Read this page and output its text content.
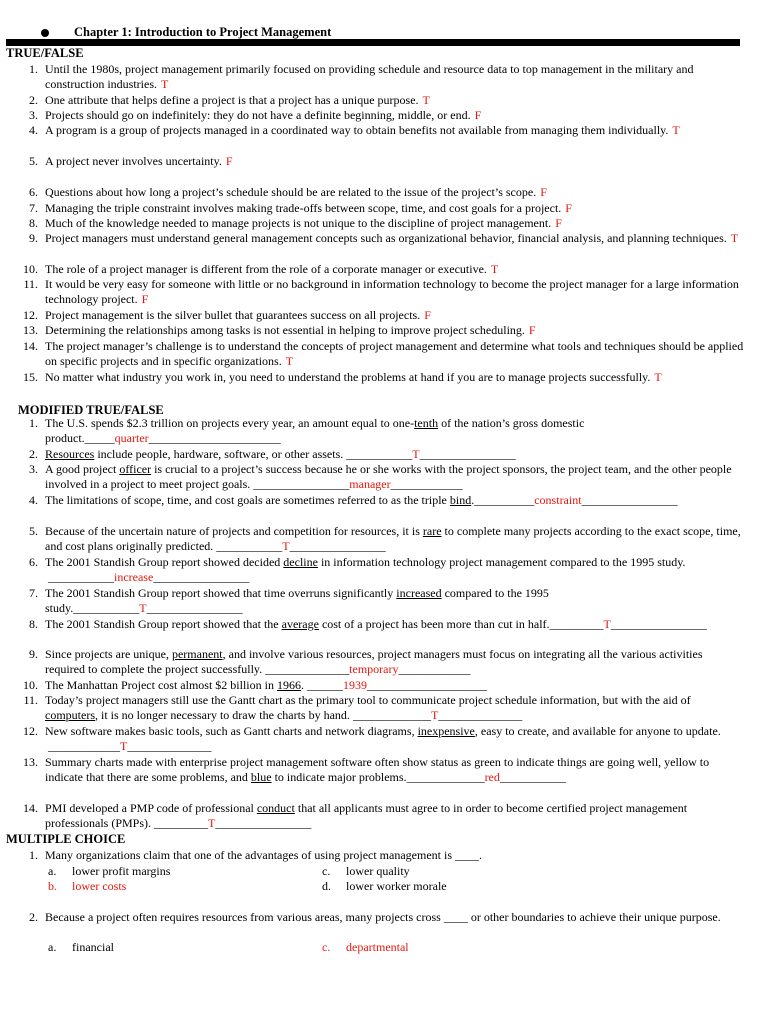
Chapter 1: Introduction to Project Management
TRUE/FALSE
1. Until the 1980s, project management primarily focused on providing schedule and resource data to top management in the military and construction industries. T
2. One attribute that helps define a project is that a project has a unique purpose. T
3. Projects should go on indefinitely: they do not have a definite beginning, middle, or end. F
4. A program is a group of projects managed in a coordinated way to obtain benefits not available from managing them individually. T
5. A project never involves uncertainty. F
6. Questions about how long a project’s schedule should be are related to the issue of the project’s scope. F
7. Managing the triple constraint involves making trade-offs between scope, time, and cost goals for a project. F
8. Much of the knowledge needed to manage projects is not unique to the discipline of project management. F
9. Project managers must understand general management concepts such as organizational behavior, financial analysis, and planning techniques. T
10. The role of a project manager is different from the role of a corporate manager or executive. T
11. It would be very easy for someone with little or no background in information technology to become the project manager for a large information technology project. F
12. Project management is the silver bullet that guarantees success on all projects. F
13. Determining the relationships among tasks is not essential in helping to improve project scheduling. F
14. The project manager’s challenge is to understand the concepts of project management and determine what tools and techniques should be applied on specific projects and in specific organizations. T
15. No matter what industry you work in, you need to understand the problems at hand if you are to manage projects successfully. T
MODIFIED TRUE/FALSE
1. The U.S. spends $2.3 trillion on projects every year, an amount equal to one-tenth of the nation’s gross domestic product._____quarter______________________
2. Resources include people, hardware, software, or other assets. ___________T________________
3. A good project officer is crucial to a project’s success because he or she works with the project sponsors, the project team, and the other people involved in a project to meet project goals. ________________manager____________
4. The limitations of scope, time, and cost goals are sometimes referred to as the triple bind.__________constraint________________
5. Because of the uncertain nature of projects and competition for resources, it is rare to complete many projects according to the exact scope, time, and cost plans originally predicted. ___________T________________
6. The 2001 Standish Group report showed decided decline in information technology project management compared to the 1995 study. ___________increase________________
7. The 2001 Standish Group report showed that time overruns significantly increased compared to the 1995 study.___________T________________
8. The 2001 Standish Group report showed that the average cost of a project has been more than cut in half._________T________________
9. Since projects are unique, permanent, and involve various resources, project managers must focus on integrating all the various activities required to complete the project successfully. ______________temporary____________
10. The Manhattan Project cost almost $2 billion in 1966. ______1939____________________
11. Today’s project managers still use the Gantt chart as the primary tool to communicate project schedule information, but with the aid of computers, it is no longer necessary to draw the charts by hand. _____________T______________
12. New software makes basic tools, such as Gantt charts and network diagrams, inexpensive, easy to create, and available for anyone to update. ____________T______________
13. Summary charts made with enterprise project management software often show status as green to indicate things are going well, yellow to indicate that there are some problems, and blue to indicate major problems._____________red___________
14. PMI developed a PMP code of professional conduct that all applicants must agree to in order to become certified project management professionals (PMPs). _________T________________
MULTIPLE CHOICE
1. Many organizations claim that one of the advantages of using project management is ____.
a. lower profit margins	c. lower quality
b. lower costs	d. lower worker morale
2. Because a project often requires resources from various areas, many projects cross ____ or other boundaries to achieve their unique purpose.
a. financial	c. departmental
